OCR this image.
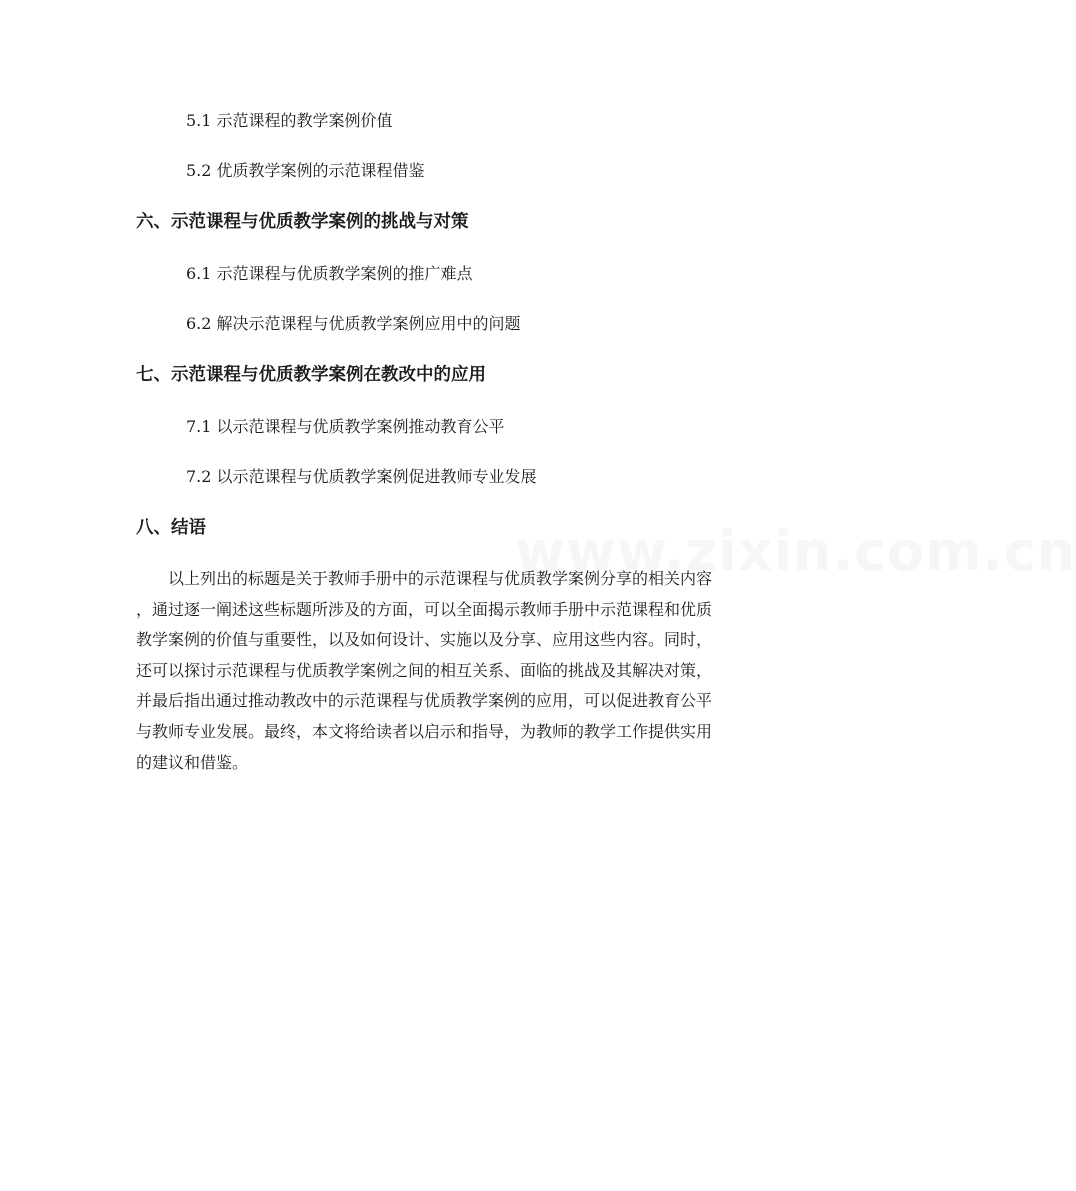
www.zixin.com.cn
5.1 示范课程的教学案例价值
5.2 优质教学案例的示范课程借鉴
六、示范课程与优质教学案例的挑战与对策
6.1 示范课程与优质教学案例的推广难点
6.2 解决示范课程与优质教学案例应用中的问题
七、示范课程与优质教学案例在教改中的应用
7.1 以示范课程与优质教学案例推动教育公平
7.2 以示范课程与优质教学案例促进教师专业发展
八、结语
　　以上列出的标题是关于教师手册中的示范课程与优质教学案例分享的相关内容
，通过逐一阐述这些标题所涉及的方面，可以全面揭示教师手册中示范课程和优质
教学案例的价值与重要性，以及如何设计、实施以及分享、应用这些内容。同时，
还可以探讨示范课程与优质教学案例之间的相互关系、面临的挑战及其解决对策，
并最后指出通过推动教改中的示范课程与优质教学案例的应用，可以促进教育公平
与教师专业发展。最终，本文将给读者以启示和指导，为教师的教学工作提供实用
的建议和借鉴。
